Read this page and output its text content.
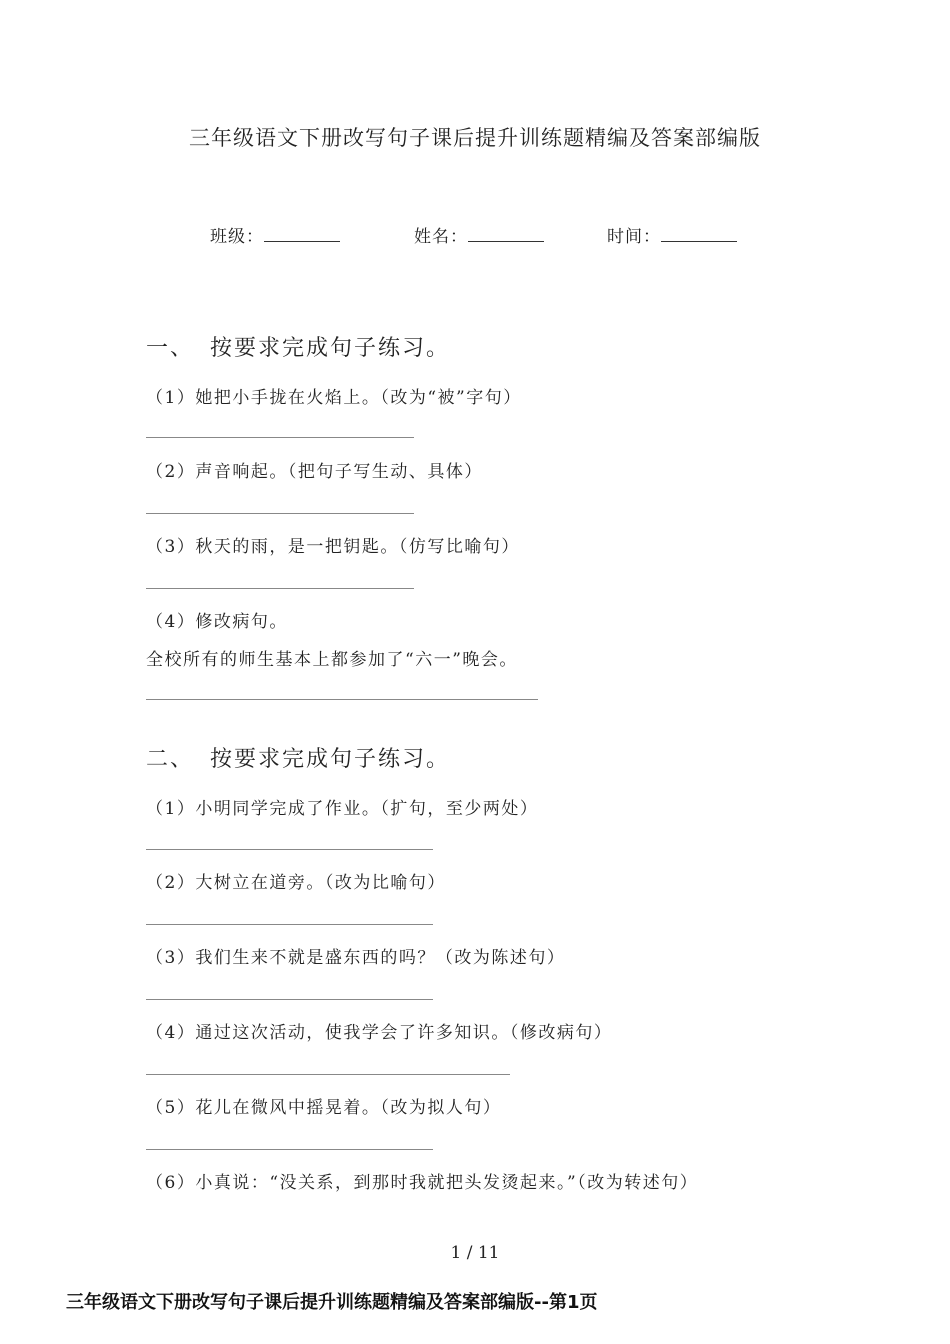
三年级语文下册改写句子课后提升训练题精编及答案部编版
班级：	姓名：	时间：
一、 按要求完成句子练习。
（1）她把小手拢在火焰上。（改为“被”字句）
（2）声音响起。（把句子写生动、具体）
（3）秋天的雨，是一把钥匙。（仿写比喻句）
（4）修改病句。
全校所有的师生基本上都参加了“六一”晚会。
二、 按要求完成句子练习。
（1）小明同学完成了作业。（扩句，至少两处）
（2）大树立在道旁。（改为比喻句）
（3）我们生来不就是盛东西的吗？（改为陈述句）
（4）通过这次活动，使我学会了许多知识。（修改病句）
（5）花儿在微风中摇晃着。（改为拟人句）
（6）小真说：“没关系，到那时我就把头发烫起来。”（改为转述句）
1 / 11
三年级语文下册改写句子课后提升训练题精编及答案部编版--第1页
